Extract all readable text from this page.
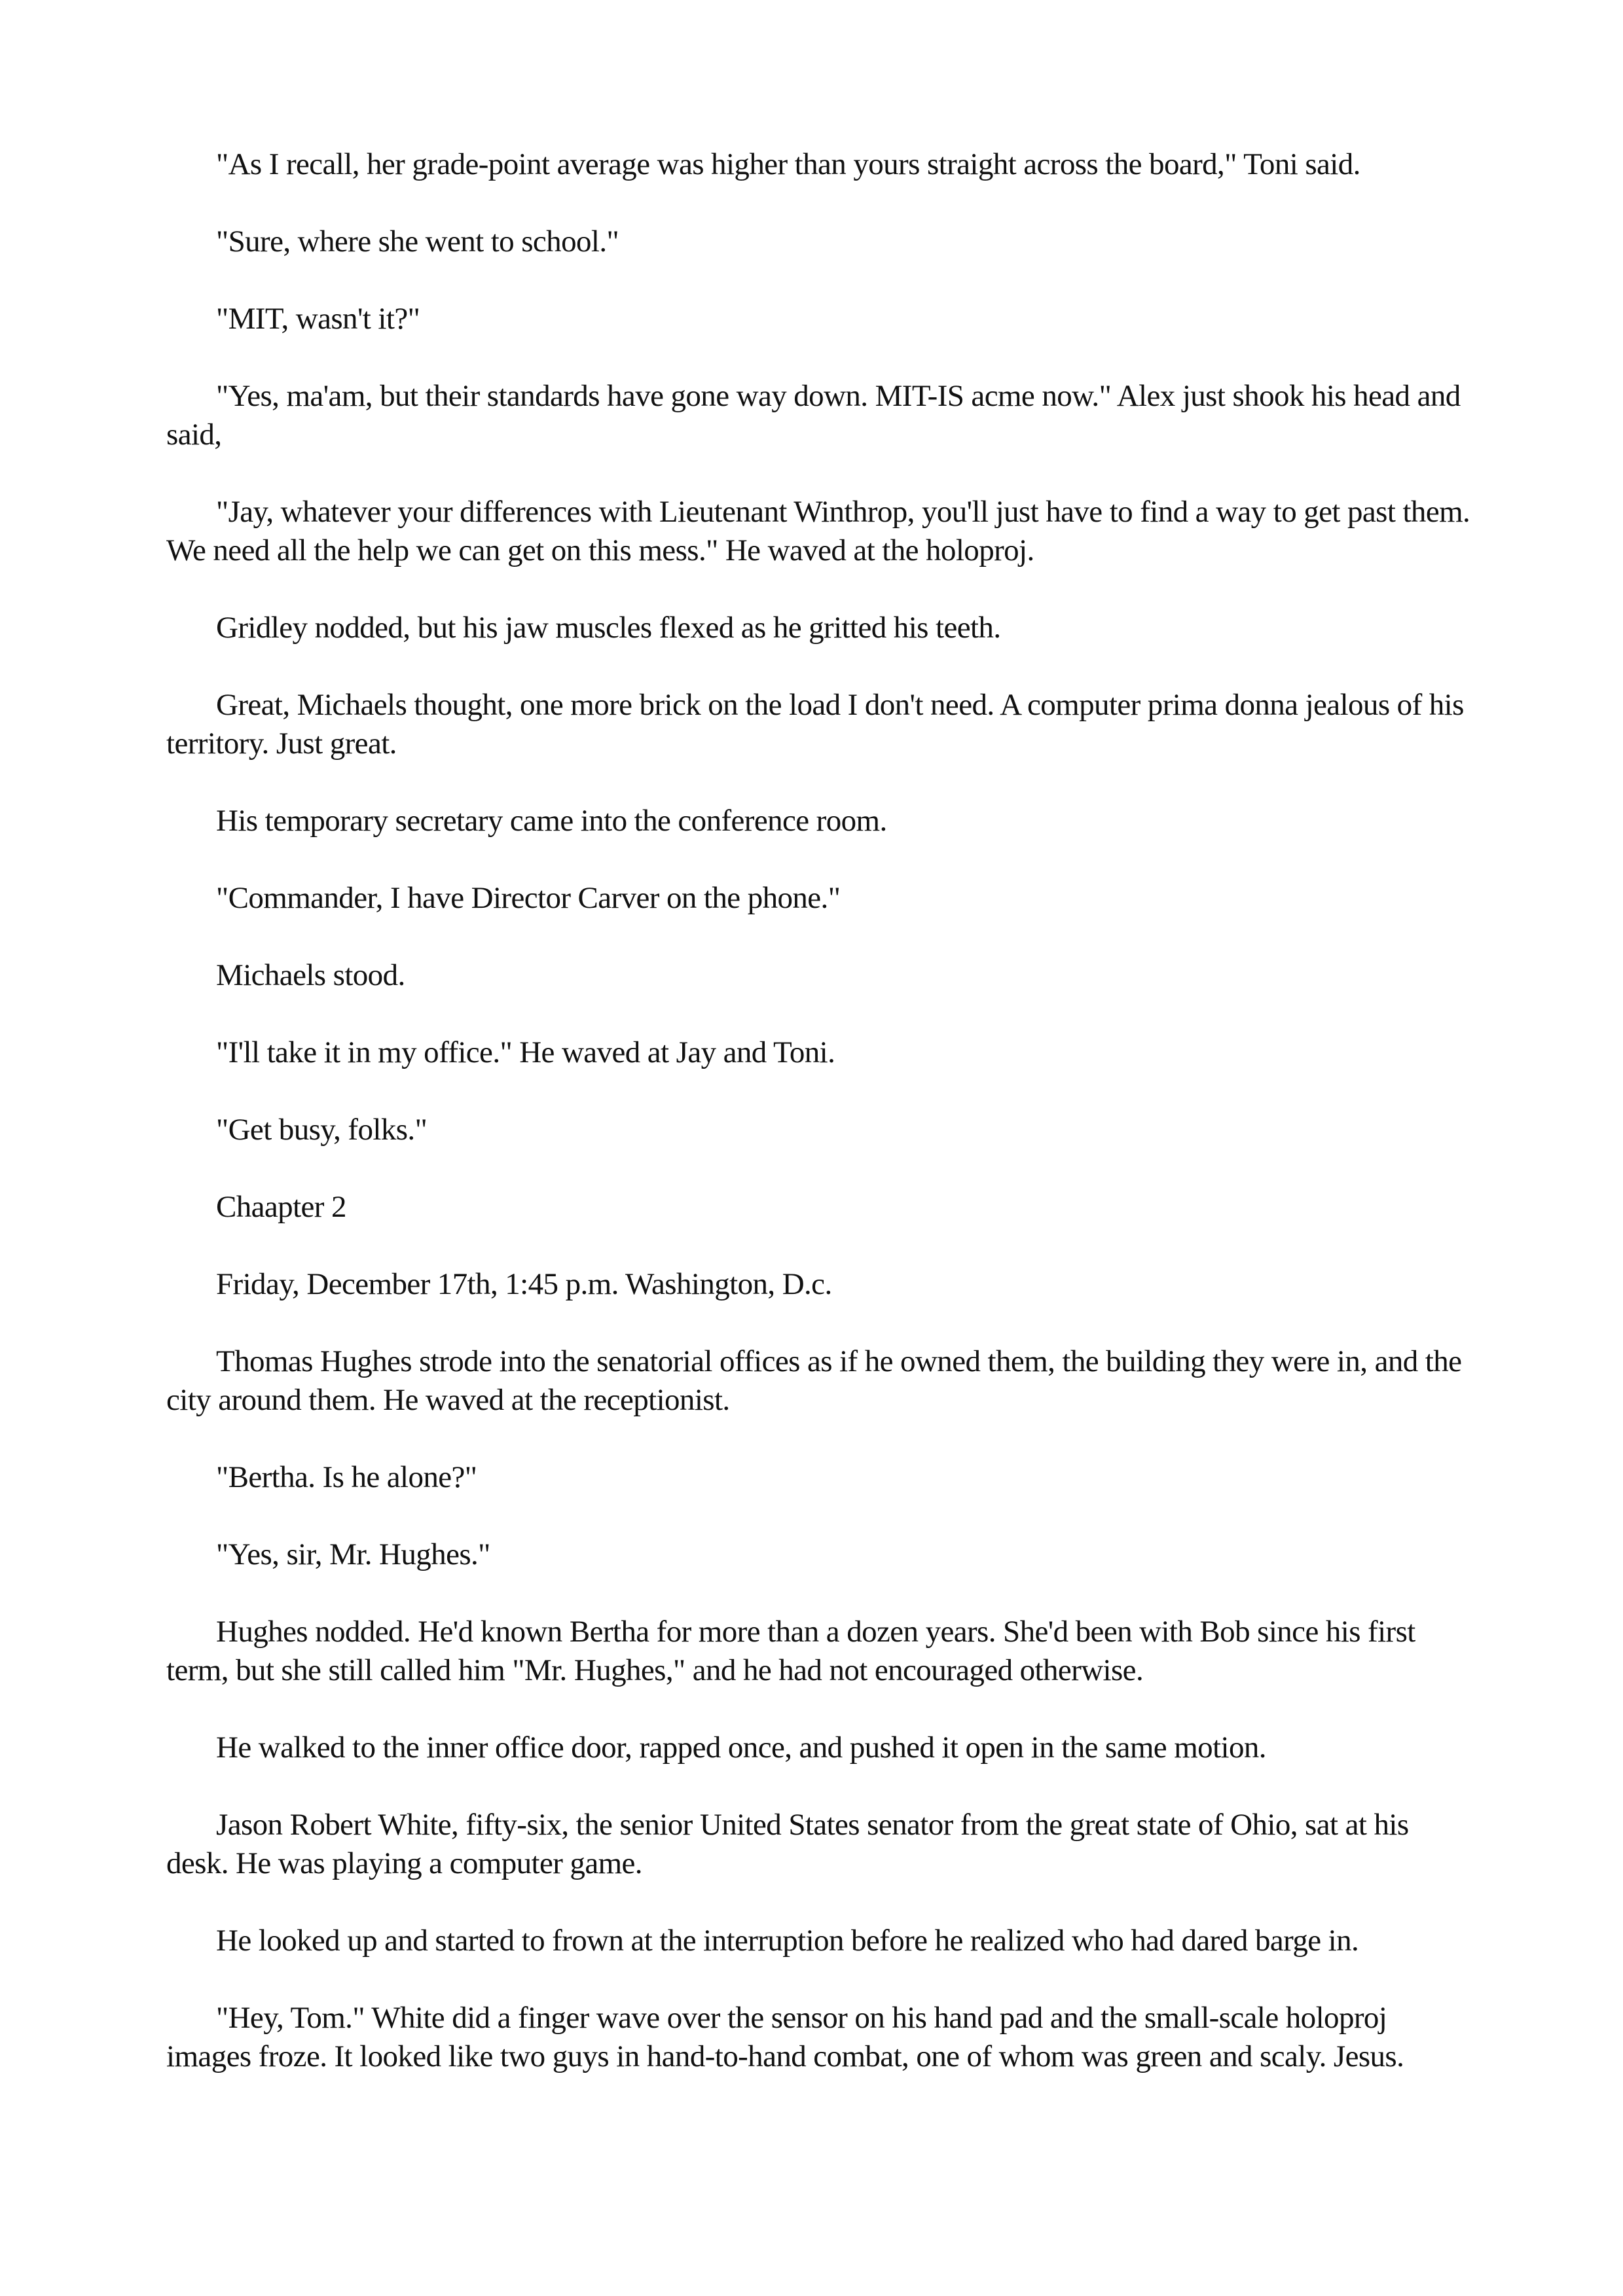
"As I recall, her grade-point average was higher than yours straight across the board," Toni said.

"Sure, where she went to school."

"MIT, wasn't it?"

"Yes, ma'am, but their standards have gone way down. MIT-IS acme now." Alex just shook his head and said,

"Jay, whatever your differences with Lieutenant Winthrop, you'll just have to find a way to get past them. We need all the help we can get on this mess." He waved at the holoproj.

Gridley nodded, but his jaw muscles flexed as he gritted his teeth.

Great, Michaels thought, one more brick on the load I don't need. A computer prima donna jealous of his territory. Just great.

His temporary secretary came into the conference room.

"Commander, I have Director Carver on the phone."

Michaels stood.

"I'll take it in my office." He waved at Jay and Toni.

"Get busy, folks."

Chaapter 2

Friday, December 17th, 1:45 p.m. Washington, D.c.

Thomas Hughes strode into the senatorial offices as if he owned them, the building they were in, and the city around them. He waved at the receptionist.

"Bertha. Is he alone?"

"Yes, sir, Mr. Hughes."

Hughes nodded. He'd known Bertha for more than a dozen years. She'd been with Bob since his first term, but she still called him "Mr. Hughes," and he had not encouraged otherwise.

He walked to the inner office door, rapped once, and pushed it open in the same motion.

Jason Robert White, fifty-six, the senior United States senator from the great state of Ohio, sat at his desk. He was playing a computer game.

He looked up and started to frown at the interruption before he realized who had dared barge in.

"Hey, Tom." White did a finger wave over the sensor on his hand pad and the small-scale holoproj images froze. It looked like two guys in hand-to-hand combat, one of whom was green and scaly. Jesus.
